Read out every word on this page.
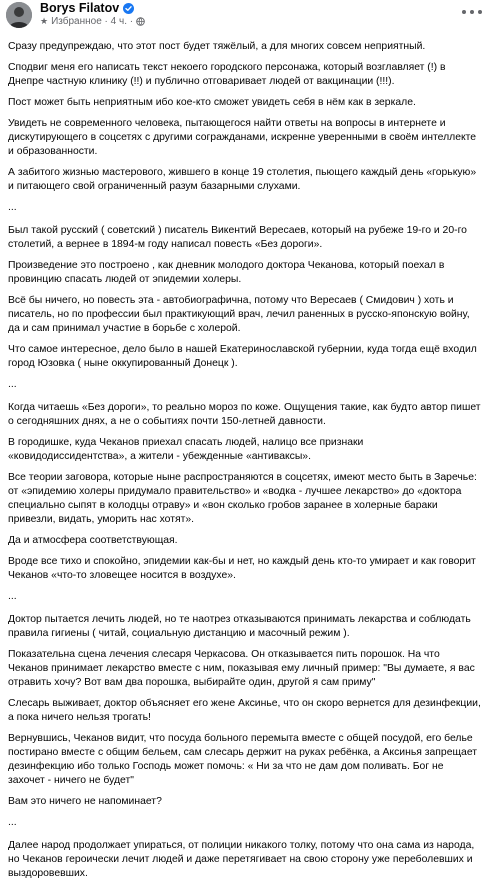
Borys Filatov
★ Избранное · 4 ч. ·

Сразу предупреждаю, что этот пост будет тяжёлый, а для многих совсем неприятный.

Сподвиг меня его написать текст некоего городского персонажа, который возглавляет (!) в Днепре частную клинику (!!) и публично отговаривает людей от вакцинации (!!!).

Пост может быть неприятным ибо кое-кто сможет увидеть себя в нём как в зеркале.

Увидеть не современного человека, пытающегося найти ответы на вопросы в интернете и дискутирующего в соцсетях с другими согражданами, искренне уверенными в своём интеллекте и образованности.

А забитого жизнью мастерового, жившего в конце 19 столетия, пьющего каждый день «горькую» и питающего свой ограниченный разум базарными слухами.

...

Был такой русский ( советский ) писатель Викентий Вересаев, который на рубеже 19-го и 20-го столетий, а вернее в 1894-м году написал повесть «Без дороги».

Произведение это построено , как дневник молодого доктора Чеканова, который поехал в провинцию спасать людей от эпидемии холеры.

Всё бы ничего, но повесть эта - автобиографична, потому что Вересаев ( Смидович ) хоть и писатель, но по профессии был практикующий врач, лечил раненных в русско-японскую войну, да и сам принимал участие в борьбе с холерой.

Что самое интересное, дело было в нашей Екатеринославской губернии, куда тогда ещё входил город Юзовка ( ныне оккупированный Донецк ).

...

Когда читаешь «Без дороги», то реально мороз по коже. Ощущения такие, как будто автор пишет о сегодняшних днях, а не о событиях почти 150-летней давности.

В городишке, куда Чеканов приехал спасать людей, налицо все признаки «ковидодиссидентства», а жители - убежденные «антиваксы».

Все теории заговора, которые ныне распространяются в соцсетях, имеют место быть в Заречье: от «эпидемию холеры придумало правительство» и «водка - лучшее лекарство» до «доктора специально сыпят в колодцы отраву» и «вон сколько гробов заранее в холерные бараки привезли, видать, уморить нас хотят».

Да и атмосфера соответствующая.

Вроде все тихо и спокойно, эпидемии как-бы и нет, но каждый день кто-то умирает и как говорит Чеканов «что-то зловещее носится в воздухе».

...

Доктор пытается лечить людей, но те наотрез отказываются принимать лекарства и соблюдать правила гигиены ( читай, социальную дистанцию и масочный режим ).

Показательна сцена лечения слесаря Черкасова. Он отказывается пить порошок. На что Чеканов принимает лекарство вместе с ним, показывая ему личный пример: "Вы думаете, я вас отравить хочу? Вот вам два порошка, выбирайте один, другой я сам приму"

Слесарь выживает, доктор объясняет его жене Аксинье, что он скоро вернется для дезинфекции, а пока ничего нельзя трогать!

Вернувшись, Чеканов видит, что посуда больного перемыта вместе с общей посудой, его белье постирано вместе с общим бельем, сам слесарь держит на руках ребёнка, а Аксинья запрещает дезинфекцию ибо только Господь может помочь: « Ни за что не дам дом поливать. Бог не захочет - ничего не будет"

Вам это ничего не напоминает?

...

Далее народ продолжает упираться, от полиции никакого толку, потому что она сама из народа, но Чеканов героически лечит людей и даже перетягивает на свою сторону уже переболевших и выздоровевших.
